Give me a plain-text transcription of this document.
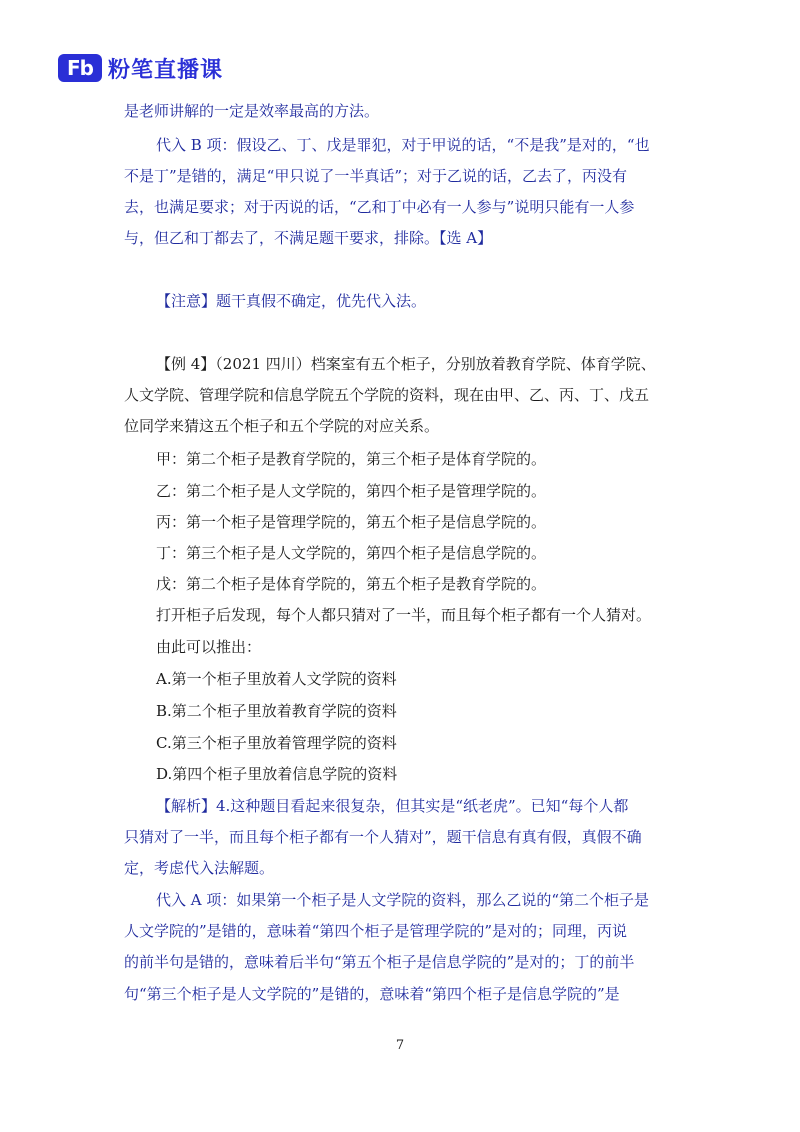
Fb 粉笔直播课
是老师讲解的一定是效率最高的方法。
代入 B 项：假设乙、丁、戊是罪犯，对于甲说的话，“不是我”是对的，“也
不是丁”是错的，满足“甲只说了一半真话”；对于乙说的话，乙去了，丙没有
去，也满足要求；对于丙说的话，“乙和丁中必有一人参与”说明只能有一人参
与，但乙和丁都去了，不满足题干要求，排除。【选 A】
【注意】题干真假不确定，优先代入法。
【例 4】（2021 四川）档案室有五个柜子，分别放着教育学院、体育学院、
人文学院、管理学院和信息学院五个学院的资料，现在由甲、乙、丙、丁、戊五
位同学来猜这五个柜子和五个学院的对应关系。
甲：第二个柜子是教育学院的，第三个柜子是体育学院的。
乙：第二个柜子是人文学院的，第四个柜子是管理学院的。
丙：第一个柜子是管理学院的，第五个柜子是信息学院的。
丁：第三个柜子是人文学院的，第四个柜子是信息学院的。
戊：第二个柜子是体育学院的，第五个柜子是教育学院的。
打开柜子后发现，每个人都只猜对了一半，而且每个柜子都有一个人猜对。
由此可以推出：
A.第一个柜子里放着人文学院的资料
B.第二个柜子里放着教育学院的资料
C.第三个柜子里放着管理学院的资料
D.第四个柜子里放着信息学院的资料
【解析】4.这种题目看起来很复杂，但其实是“纸老虎”。已知“每个人都
只猜对了一半，而且每个柜子都有一个人猜对”，题干信息有真有假，真假不确
定，考虑代入法解题。
代入 A 项：如果第一个柜子是人文学院的资料，那么乙说的“第二个柜子是
人文学院的”是错的，意味着“第四个柜子是管理学院的”是对的；同理，丙说
的前半句是错的，意味着后半句“第五个柜子是信息学院的”是对的；丁的前半
句“第三个柜子是人文学院的”是错的，意味着“第四个柜子是信息学院的”是
7
